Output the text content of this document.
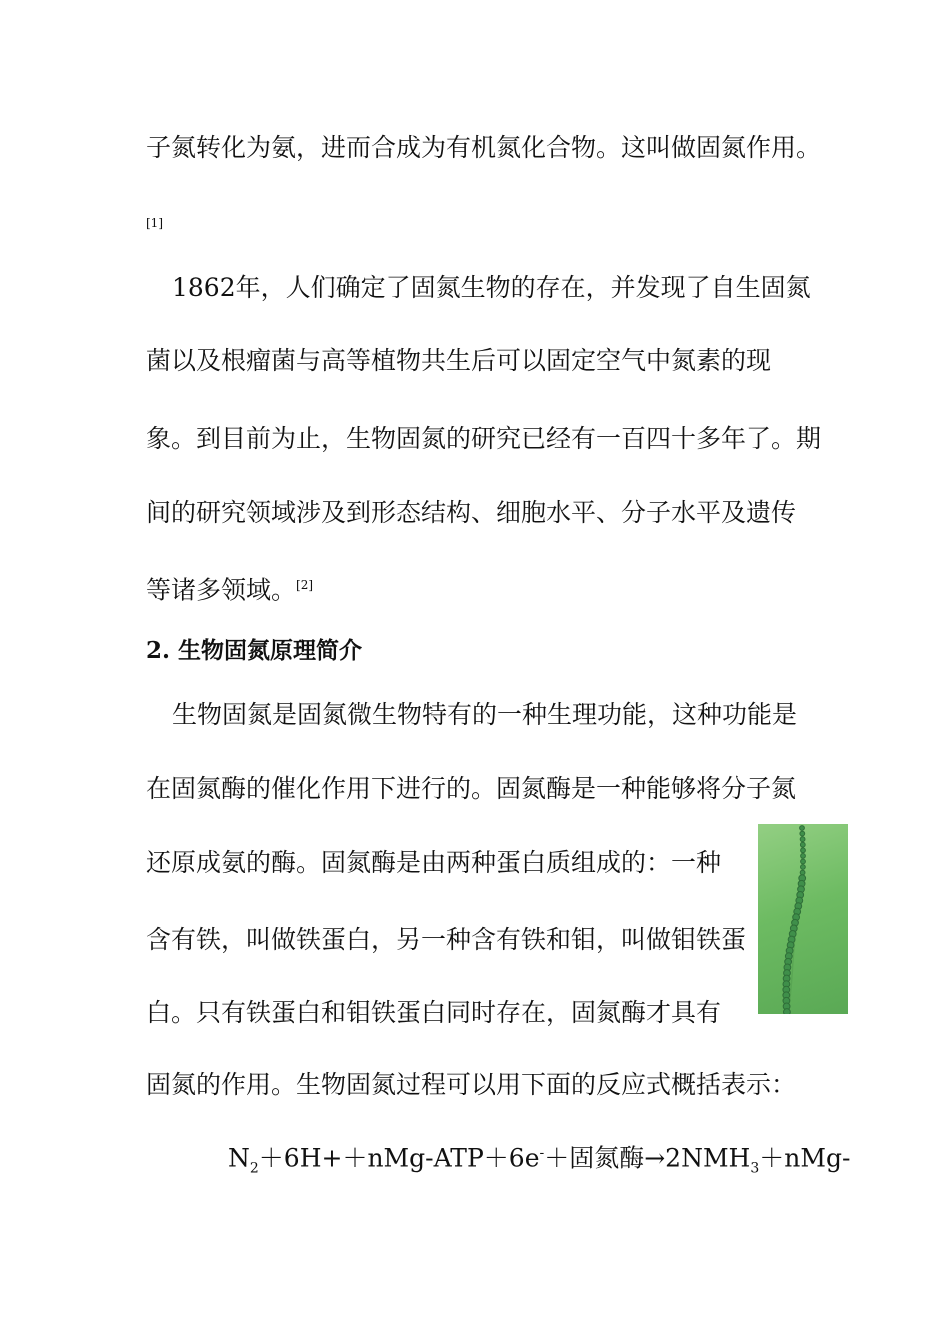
子氮转化为氨，进而合成为有机氮化合物。这叫做固氮作用。
[1]
1862年，人们确定了固氮生物的存在，并发现了自生固氮
菌以及根瘤菌与高等植物共生后可以固定空气中氮素的现
象。到目前为止，生物固氮的研究已经有一百四十多年了。期
间的研究领域涉及到形态结构、细胞水平、分子水平及遗传
等诸多领域。[2]
2. 生物固氮原理简介
生物固氮是固氮微生物特有的一种生理功能，这种功能是
在固氮酶的催化作用下进行的。固氮酶是一种能够将分子氮
还原成氨的酶。固氮酶是由两种蛋白质组成的：一种
含有铁，叫做铁蛋白，另一种含有铁和钼，叫做钼铁蛋
白。只有铁蛋白和钼铁蛋白同时存在，固氮酶才具有
固氮的作用。生物固氮过程可以用下面的反应式概括表示：
$N_2+6H++nMg-ATP+6e^-+$固氮酶$\to 2NMH_3+nMg-$
